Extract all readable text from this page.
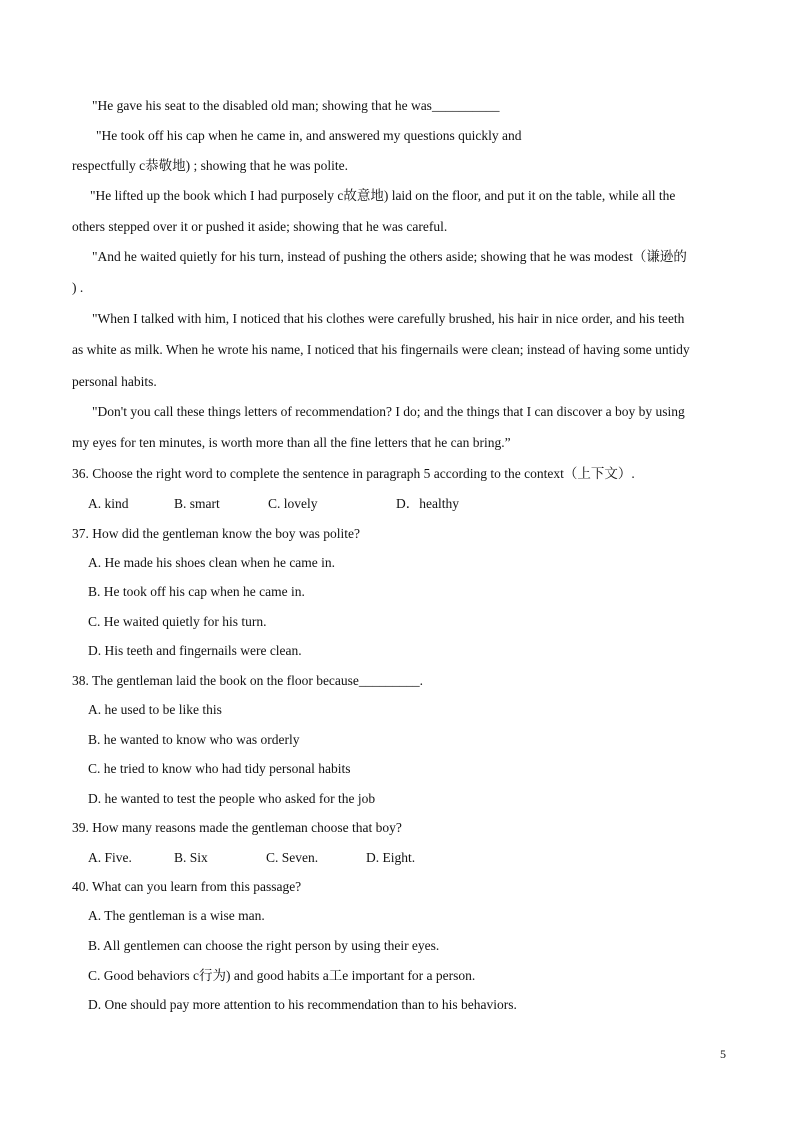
"He gave his seat to the disabled old man; showing that he was__________
"He took off his cap when he came in, and answered my questions quickly and
respectfully c恭敬地) ; showing that he was polite.
"He lifted up the book which I had purposely c故意地) laid on the floor, and put it on the table, while all the
others stepped over it or pushed it aside; showing that he was careful.
"And he waited quietly for his turn, instead of pushing the others aside; showing that he was modest（谦逊的
) .
"When I talked with him, I noticed that his clothes were carefully brushed, his hair in nice order, and his teeth
as white as milk. When he wrote his name, I noticed that his fingernails were clean; instead of having some untidy
personal habits.
"Don't you call these things letters of recommendation? I do; and the things that I can discover a boy by using
my eyes for ten minutes, is worth more than all the fine letters that he can bring.”
36. Choose the right word to complete the sentence in paragraph 5 according to the context（上下文）.
A. kind	B. smart	C. lovely	D．healthy
37. How did the gentleman know the boy was polite?
A. He made his shoes clean when he came in.
B. He took off his cap when he came in.
C. He waited quietly for his turn.
D. His teeth and fingernails were clean.
38. The gentleman laid the book on the floor because_________.
A. he used to be like this
B. he wanted to know who was orderly
C. he tried to know who had tidy personal habits
D. he wanted to test the people who asked for the job
39. How many reasons made the gentleman choose that boy?
A. Five.	B. Six	C. Seven.	D. Eight.
40. What can you learn from this passage?
A. The gentleman is a wise man.
B. All gentlemen can choose the right person by using their eyes.
C. Good behaviors c行为) and good habits a工e important for a person.
D. One should pay more attention to his recommendation than to his behaviors.
5
